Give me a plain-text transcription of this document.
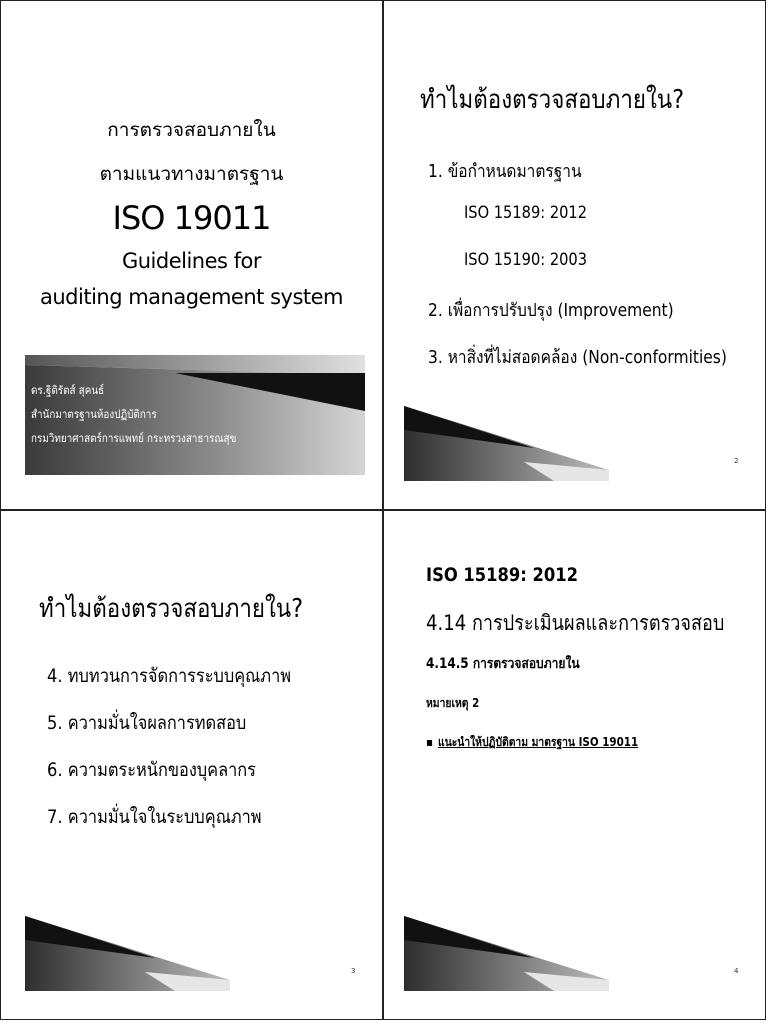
การตรวจสอบภายใน
ตามแนวทางมาตรฐาน
ISO 19011
Guidelines for
auditing management system
ดร.ฐิติรัตส์ สุคนธ์
สำนักมาตรฐานห้องปฏิบัติการ
กรมวิทยาศาสตร์การแพทย์ กระทรวงสาธารณสุข
ทำไมต้องตรวจสอบภายใน?
1. ข้อกำหนดมาตรฐาน
ISO 15189: 2012
ISO 15190: 2003
2. เพื่อการปรับปรุง (Improvement)
3. หาสิ่งที่ไม่สอดคล้อง (Non-conformities)
2
ทำไมต้องตรวจสอบภายใน?
4. ทบทวนการจัดการระบบคุณภาพ
5. ความมั่นใจผลการทดสอบ
6. ความตระหนักของบุคลากร
7. ความมั่นใจในระบบคุณภาพ
3
ISO 15189: 2012
4.14 การประเมินผลและการตรวจสอบ
4.14.5 การตรวจสอบภายใน
หมายเหตุ 2
▪ แนะนำให้ปฏิบัติตาม มาตรฐาน ISO 19011
4
